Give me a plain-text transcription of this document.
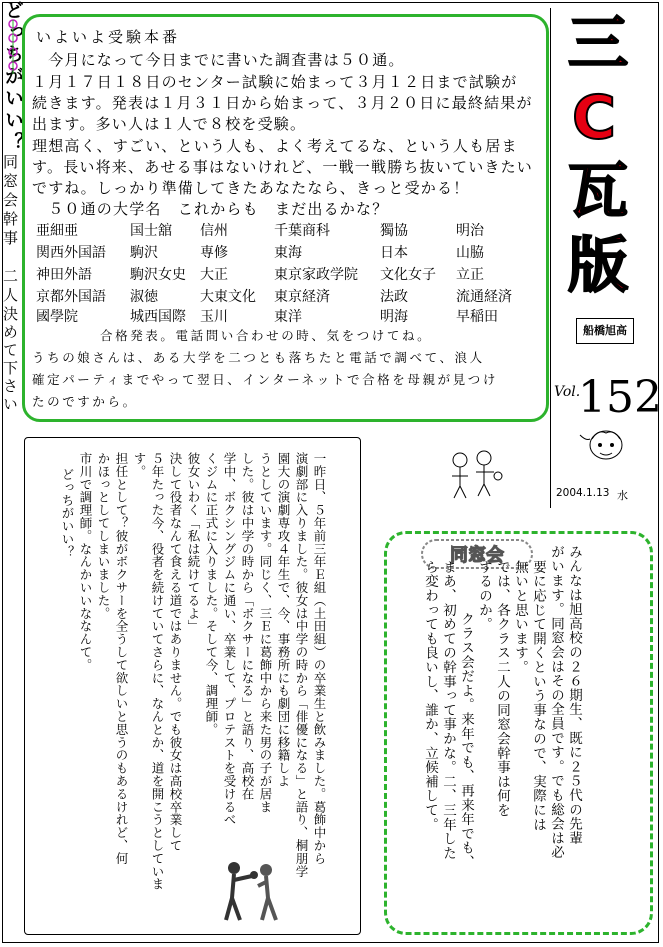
いよいよ受験本番
　今月になって今日までに書いた調査書は５０通。
１月１７日１８日のセンター試験に始まって３月１２日まで試験が
続きます。発表は１月３１日から始まって、３月２０日に最終結果が
出ます。多い人は１人で８校を受験。
理想高く、すごい、という人も、よく考えてるな、という人も居ま
す。長い将来、あせる事はないけれど、一戦一戦勝ち抜いていきたい
ですね。しっかり準備してきたあなたなら、きっと受かる！
　５０通の大学名　これからも　まだ出るかな？
亜細亜	国士舘 信州	千葉商科	獨協	明治
関西外国語 駒沢	専修	東海	日本	山脇
神田外語	駒沢女史 大正	東京家政学院 文化女子 立正
京都外国語 淑徳	大東文化 東京経済	法政	流通経済
國學院	城西国際 玉川	東洋	明海	早稲田
合格発表。電話問い合わせの時、気をつけてね。
うちの娘さんは、ある大学を二つとも落ちたと電話で調べて、浪人
確定パーティまでやって翌日、インターネットで合格を母親が見つけ
たのですから。
三
C
瓦
版
船橋旭高
Vol.
152
2004.1.13 水
どっちがいい？
一昨日、５年前三年Ｅ組（土田組）の卒業生と飲みました。葛飾中から
演劇部に入りました。彼女は中学の時から「俳優になる」と語り、桐朋学
園大の演劇専攻４年生で、今、事務所にも劇団に移籍しよ
うとしています。同じく、三Ｅに葛飾中から来た男の子が居ま
した。彼は中学の時から「ボクサーになる」と語り、高校在
学中、ボクシングジムに通い、卒業して、プロテストを受けるべ
くジムに正式に入りました。そして今、調理師。
彼女いわく「私は続けてるよ」
決して役者なんて食える道ではありません。でも彼女は高校卒業して
５年たった今、役者を続けていてさらに、なんとか、道を開こうとしていま
す。
担任として？彼がボクサーを全うして欲しいと思うのもあるけれど、何
かほっとしてしまいました。
市川で調理師。なんかいいななんて。
どっちがいい？	同窓会
同窓会幹事　二人
決めて下さい
みんなは旭高校の２６期生、既に２５代の先輩
がいます。同窓会はその全員です。でも総会は必
要に応じて開くという事なので、実際には
無いと思います。
では、各クラス二人の同窓会幹事は何を
するのか。
クラス会だよ。来年でも、再来年でも、
まあ、初めての幹事って事かな。二、三年した
ら変わっても良いし、誰か、立候補して。
